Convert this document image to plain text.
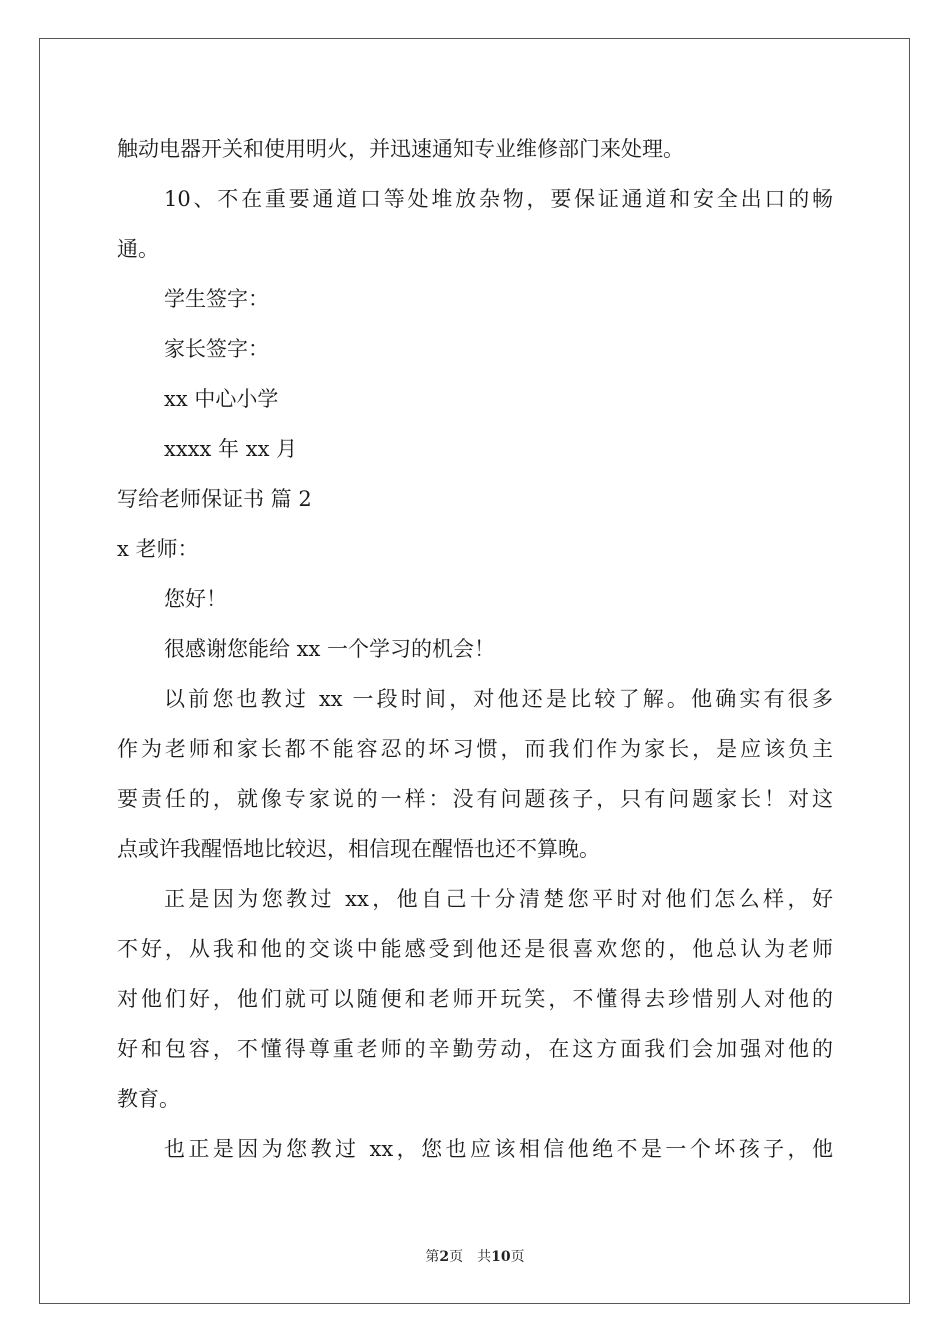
触动电器开关和使用明火，并迅速通知专业维修部门来处理。
10、不在重要通道口等处堆放杂物，要保证通道和安全出口的畅
通。
学生签字：
家长签字：
xx 中心小学
xxxx 年 xx 月
写给老师保证书 篇 2
x 老师：
您好！
很感谢您能给 xx 一个学习的机会！
以前您也教过 xx 一段时间，对他还是比较了解。他确实有很多
作为老师和家长都不能容忍的坏习惯，而我们作为家长，是应该负主
要责任的，就像专家说的一样：没有问题孩子，只有问题家长！对这
点或许我醒悟地比较迟，相信现在醒悟也还不算晚。
正是因为您教过 xx，他自己十分清楚您平时对他们怎么样，好
不好，从我和他的交谈中能感受到他还是很喜欢您的，他总认为老师
对他们好，他们就可以随便和老师开玩笑，不懂得去珍惜别人对他的
好和包容，不懂得尊重老师的辛勤劳动，在这方面我们会加强对他的
教育。
也正是因为您教过 xx，您也应该相信他绝不是一个坏孩子，他
第2页 共10页
